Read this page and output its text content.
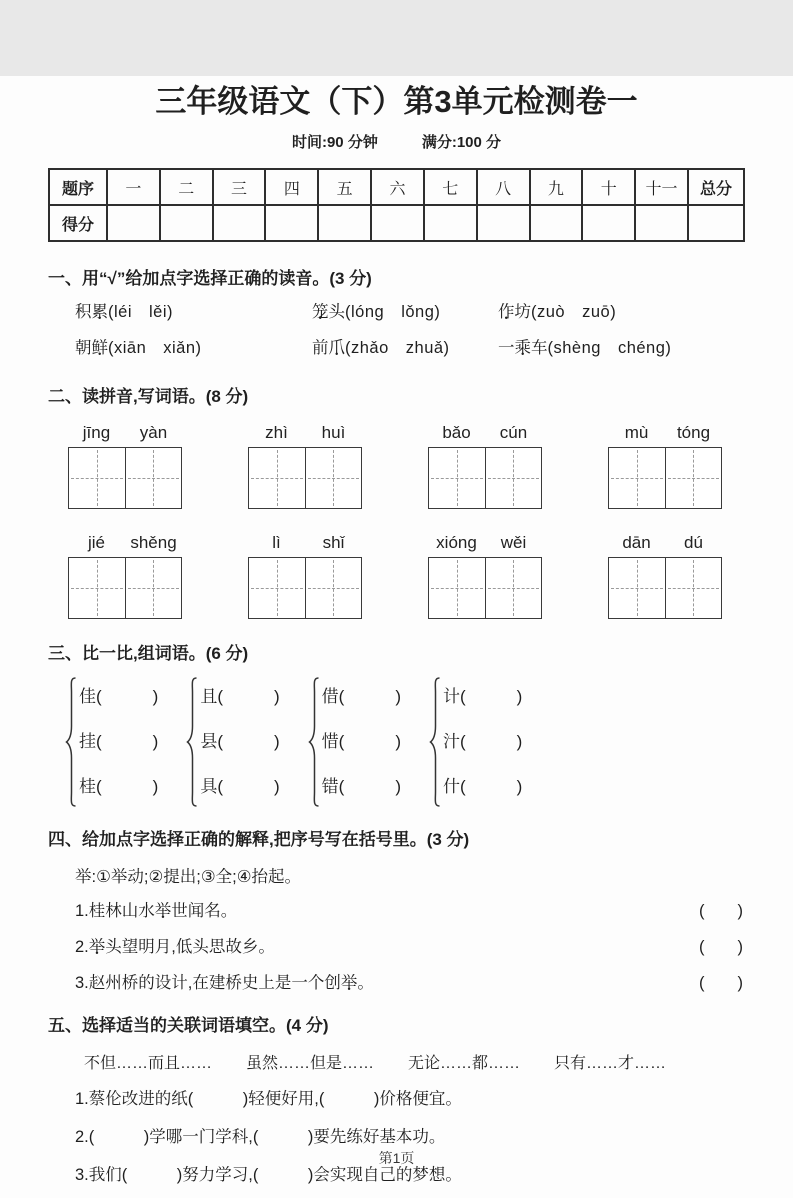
三年级语文（下）第3单元检测卷一
时间:90 分钟	满分:100 分
题序	一	二	三	四	五	六	七	八	九	十	十一	总分
得分												
一、用“√”给加点字选择正确的读音。(3 分)
积累 •(léi　lěi)	笼 •头(lóng　lǒng)	作 •坊(zuò　zuō)
朝鲜 •(xiān　xiǎn)	前爪 •(zhǎo　zhuǎ)	一乘 •车(shèng　chéng)
二、读拼音,写词语。(8 分)
jīng	yàn	zhì	huì	bǎo	cún	mù	tóng
jié	shěng	lì	shǐ	xióng	wěi	dān	dú
三、比一比,组词语。(6 分)
佳(　　　)
挂(　　　)
桂(　　　)
且(　　　)
县(　　　)
具(　　　)
借(　　　)
惜(　　　)
错(　　　)
计(　　　)
汁(　　　)
什(　　　)
四、给加点字选择正确的解释,把序号写在括号里。(3 分)
举:①举动;②提出;③全;④抬起。
1.桂林山水举 •世闻名。	(　　)
2.举 •头望明月,低头思故乡。	(　　)
3.赵州桥的设计,在建桥史上是一个创举 •。	(　　)
五、选择适当的关联词语填空。(4 分)
不但……而且…… 虽然……但是…… 无论……都…… 只有……才……
1.蔡伦改进的纸(　　　)轻便好用,(　　　)价格便宜。
2.(　　　)学哪一门学科,(　　　)要先练好基本功。
3.我们(　　　)努力学习,(　　　)会实现自己的梦想。
第1页
